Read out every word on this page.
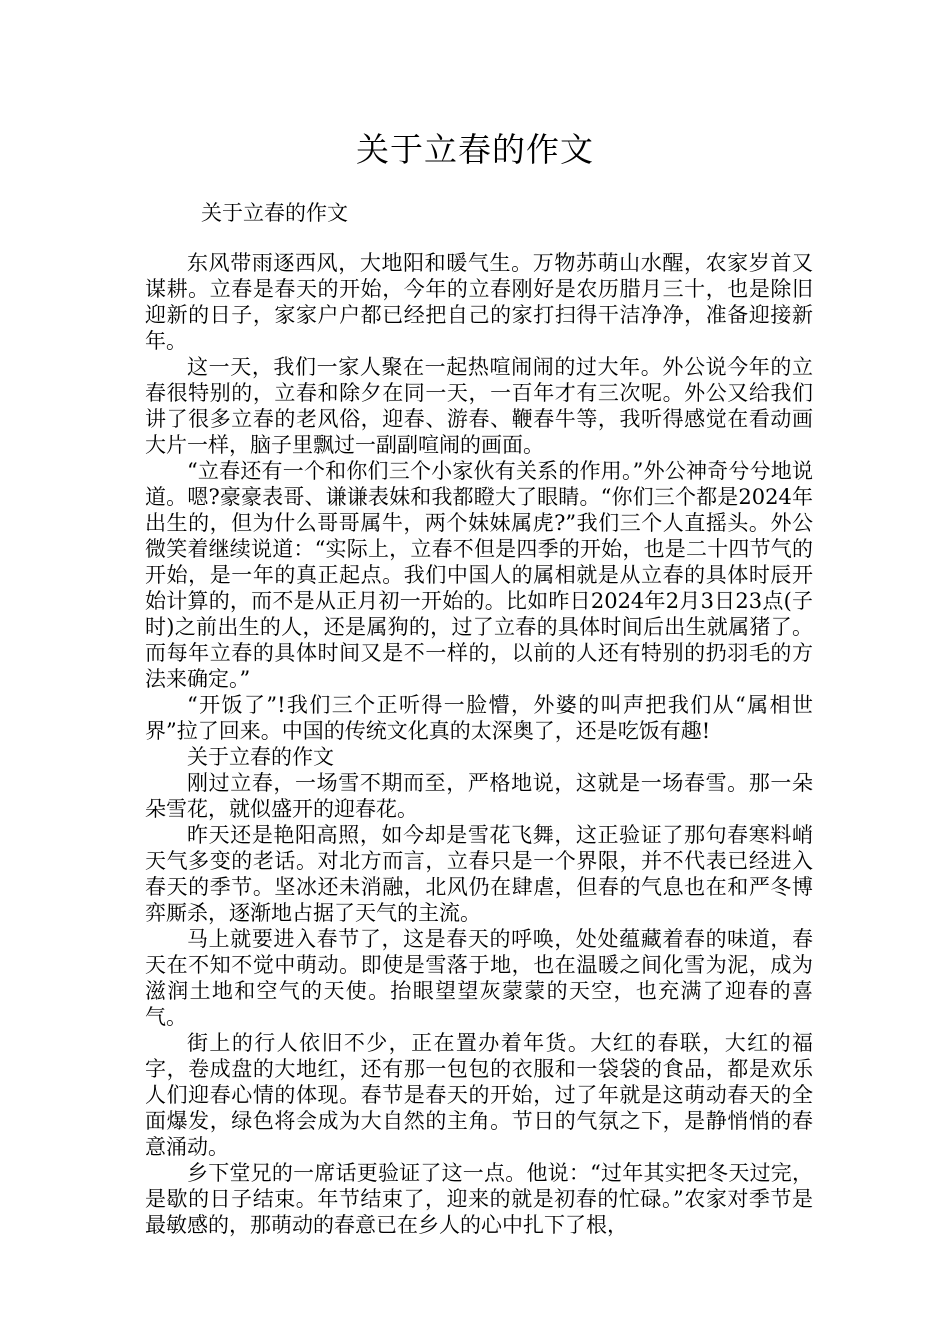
关于立春的作文
关于立春的作文

东风带雨逐西风，大地阳和暖气生。万物苏萌山水醒，农家岁首又谋耕。立春是春天的开始，今年的立春刚好是农历腊月三十，也是除旧迎新的日子，家家户户都已经把自己的家打扫得干洁净净，准备迎接新年。

这一天，我们一家人聚在一起热喧闹闹的过大年。外公说今年的立春很特别的，立春和除夕在同一天，一百年才有三次呢。外公又给我们讲了很多立春的老风俗，迎春、游春、鞭春牛等，我听得感觉在看动画大片一样，脑子里飘过一副副喧闹的画面。

“立春还有一个和你们三个小家伙有关系的作用。”外公神奇兮兮地说道。嗯?豪豪表哥、谦谦表妹和我都瞪大了眼睛。“你们三个都是2024年出生的，但为什么哥哥属牛，两个妹妹属虎?”我们三个人直摇头。外公微笑着继续说道：“实际上，立春不但是四季的开始，也是二十四节气的开始，是一年的真正起点。我们中国人的属相就是从立春的具体时辰开始计算的，而不是从正月初一开始的。比如昨日2024年2月3日23点(子时)之前出生的人，还是属狗的，过了立春的具体时间后出生就属猪了。而每年立春的具体时间又是不一样的，以前的人还有特别的扔羽毛的方法来确定。”

“开饭了”!我们三个正听得一脸懵，外婆的叫声把我们从“属相世界”拉了回来。中国的传统文化真的太深奥了，还是吃饭有趣!

关于立春的作文

刚过立春，一场雪不期而至，严格地说，这就是一场春雪。那一朵朵雪花，就似盛开的迎春花。

昨天还是艳阳高照，如今却是雪花飞舞，这正验证了那句春寒料峭天气多变的老话。对北方而言，立春只是一个界限，并不代表已经进入春天的季节。坚冰还未消融，北风仍在肆虐，但春的气息也在和严冬博弈厮杀，逐渐地占据了天气的主流。

马上就要进入春节了，这是春天的呼唤，处处蕴藏着春的味道，春天在不知不觉中萌动。即使是雪落于地，也在温暖之间化雪为泥，成为滋润土地和空气的天使。抬眼望望灰蒙蒙的天空，也充满了迎春的喜气。

街上的行人依旧不少，正在置办着年货。大红的春联，大红的福字，卷成盘的大地红，还有那一包包的衣服和一袋袋的食品，都是欢乐人们迎春心情的体现。春节是春天的开始，过了年就是这萌动春天的全面爆发，绿色将会成为大自然的主角。节日的气氛之下，是静悄悄的春意涌动。

乡下堂兄的一席话更验证了这一点。他说：“过年其实把冬天过完，是歇的日子结束。年节结束了，迎来的就是初春的忙碌。”农家对季节是最敏感的，那萌动的春意已在乡人的心中扎下了根，
